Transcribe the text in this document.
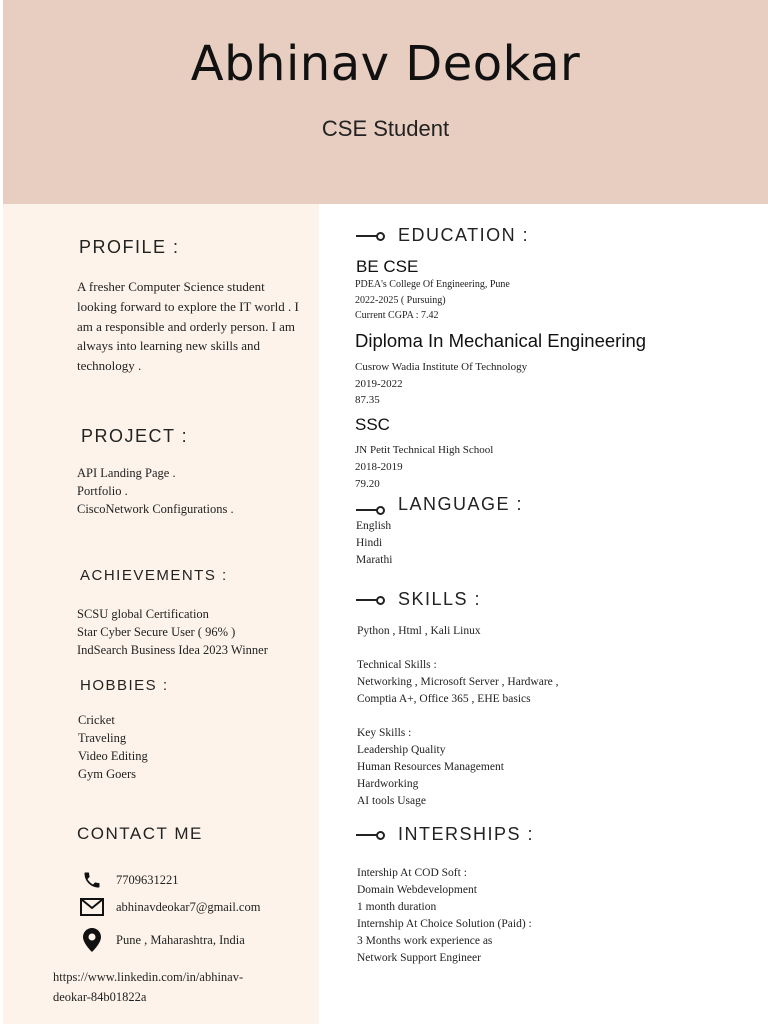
Abhinav Deokar
CSE Student
PROFILE :
A fresher Computer Science student looking forward to explore the IT world . I am a responsible and orderly person. I am always into learning new skills and technology .
PROJECT :
API Landing Page .
Portfolio .
CiscoNetwork Configurations .
ACHIEVEMENTS :
SCSU global Certification
Star Cyber Secure User ( 96% )
IndSearch Business Idea 2023 Winner
HOBBIES :
Cricket
Traveling
Video Editing
Gym Goers
CONTACT ME
7709631221
abhinavdeokar7@gmail.com
Pune , Maharashtra, India
https://www.linkedin.com/in/abhinav-
deokar-84b01822a
EDUCATION :
BE CSE
PDEA's College Of Engineering, Pune
2022-2025 ( Pursuing)
Current CGPA : 7.42
Diploma In Mechanical Engineering
Cusrow Wadia Institute Of Technology
2019-2022
87.35
SSC
JN Petit Technical High School
2018-2019
79.20
LANGUAGE :
English
Hindi
Marathi
SKILLS :
Python , Html , Kali Linux
Technical Skills :
Networking , Microsoft Server , Hardware ,
Comptia A+, Office 365 , EHE basics
Key Skills :
Leadership Quality
Human Resources Management
Hardworking
AI tools Usage
INTERSHIPS :
Intership At COD Soft :
Domain Webdevelopment
1 month duration
Internship At Choice Solution (Paid) :
3 Months work experience as
Network Support Engineer
